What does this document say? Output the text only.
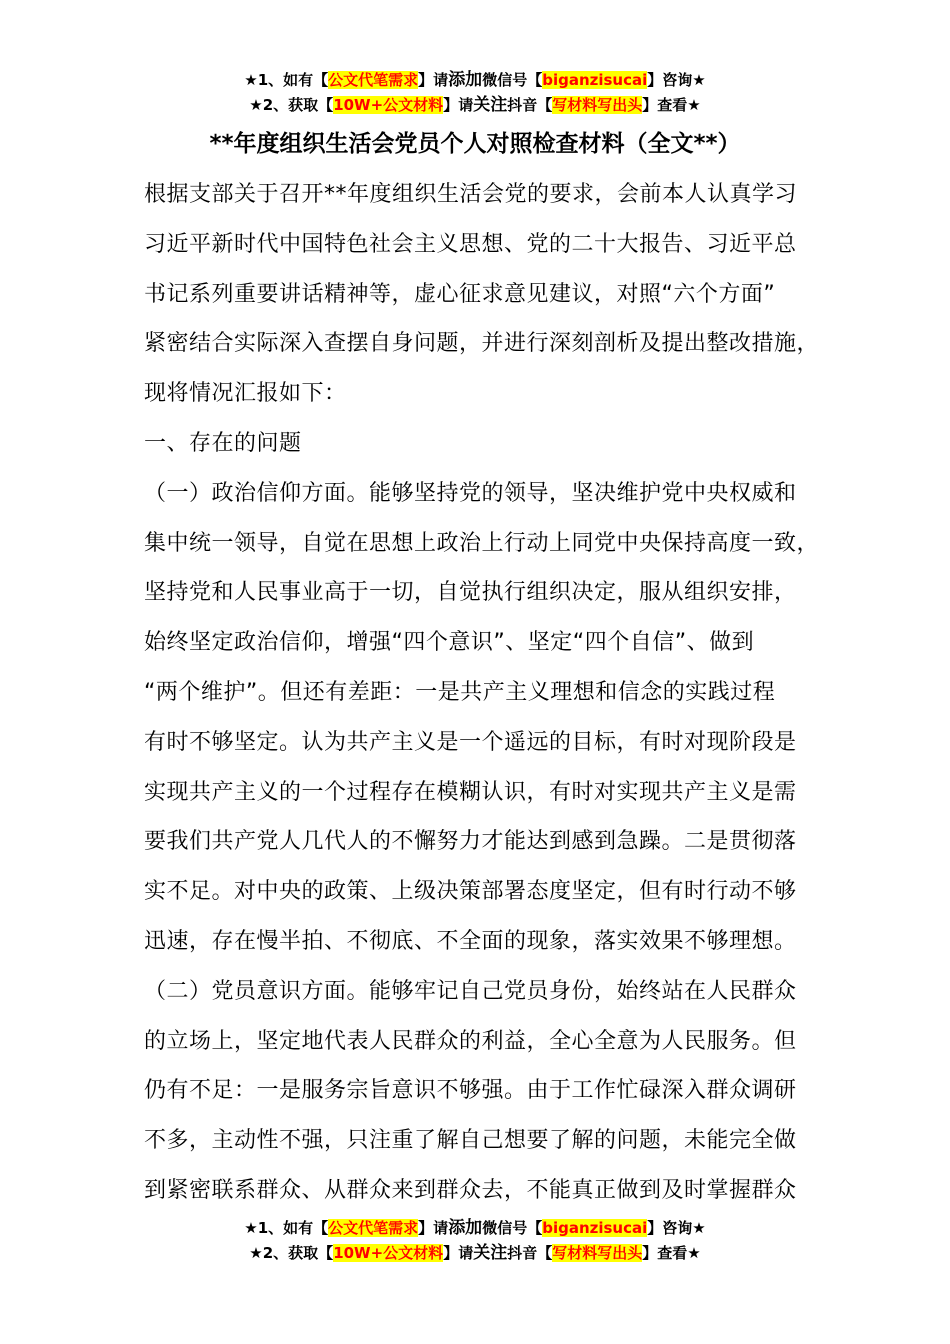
★1、如有【公文代笔需求】请添加微信号【biganzisucai】咨询★
★2、获取【10W+公文材料】请关注抖音【写材料写出头】查看★
**年度组织生活会党员个人对照检查材料（全文**）
根据支部关于召开**年度组织生活会党的要求，会前本人认真学习
习近平新时代中国特色社会主义思想、党的二十大报告、习近平总
书记系列重要讲话精神等，虚心征求意见建议，对照“六个方面”
紧密结合实际深入查摆自身问题，并进行深刻剖析及提出整改措施，
现将情况汇报如下：
一、存在的问题
（一）政治信仰方面。能够坚持党的领导，坚决维护党中央权威和
集中统一领导，自觉在思想上政治上行动上同党中央保持高度一致，
坚持党和人民事业高于一切，自觉执行组织决定，服从组织安排，
始终坚定政治信仰，增强“四个意识”、坚定“四个自信”、做到
“两个维护”。但还有差距：一是共产主义理想和信念的实践过程
有时不够坚定。认为共产主义是一个遥远的目标，有时对现阶段是
实现共产主义的一个过程存在模糊认识，有时对实现共产主义是需
要我们共产党人几代人的不懈努力才能达到感到急躁。二是贯彻落
实不足。对中央的政策、上级决策部署态度坚定，但有时行动不够
迅速，存在慢半拍、不彻底、不全面的现象，落实效果不够理想。
（二）党员意识方面。能够牢记自己党员身份，始终站在人民群众
的立场上，坚定地代表人民群众的利益，全心全意为人民服务。但
仍有不足：一是服务宗旨意识不够强。由于工作忙碌深入群众调研
不多，主动性不强，只注重了解自己想要了解的问题，未能完全做
到紧密联系群众、从群众来到群众去，不能真正做到及时掌握群众
★1、如有【公文代笔需求】请添加微信号【biganzisucai】咨询★
★2、获取【10W+公文材料】请关注抖音【写材料写出头】查看★
